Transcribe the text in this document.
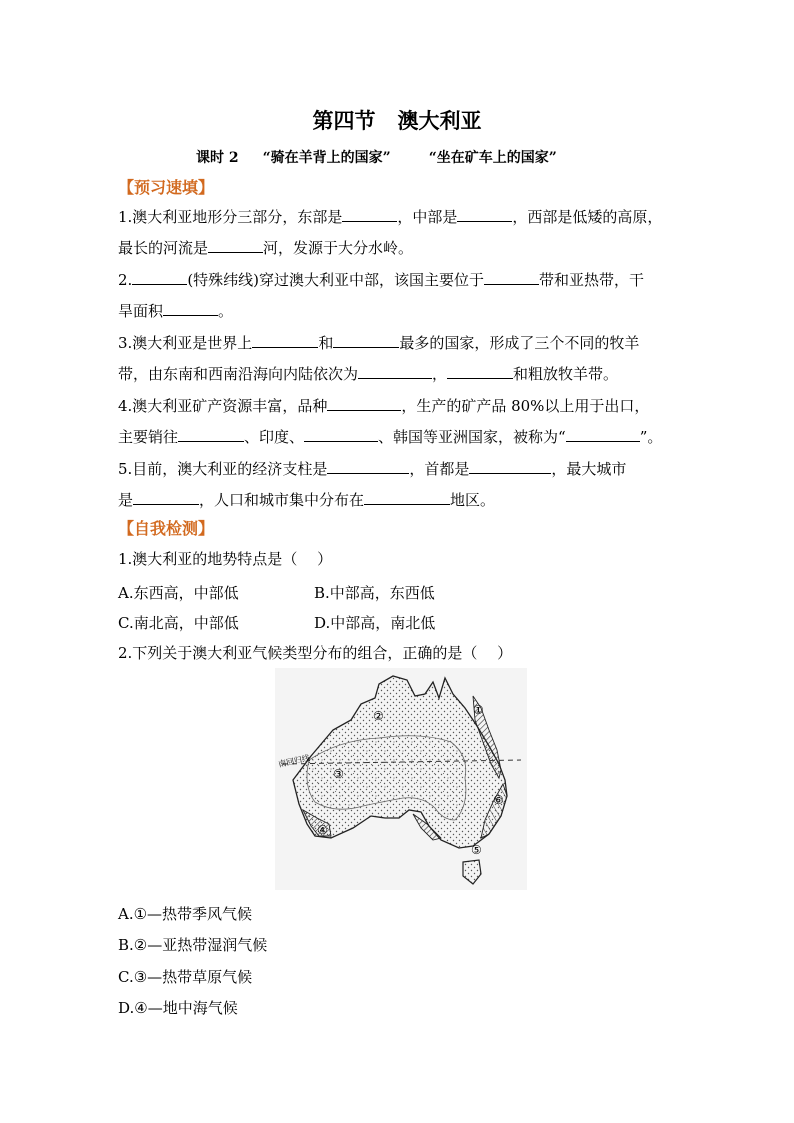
第四节 澳大利亚
课时 2 “骑在羊背上的国家”	“坐在矿车上的国家”
【预习速填】
1.澳大利亚地形分三部分，东部是	，中部是	，西部是低矮的高原，
最长的河流是	河，发源于大分水岭。
2.	(特殊纬线)穿过澳大利亚中部，该国主要位于	带和亚热带，干
旱面积	。
3.澳大利亚是世界上	和	最多的国家，形成了三个不同的牧羊
带，由东南和西南沿海向内陆依次为	，	和粗放牧羊带。
4.澳大利亚矿产资源丰富，品种	，生产的矿产品 80%以上用于出口，
主要销往	、印度、	、韩国等亚洲国家，被称为“	”。
5.目前，澳大利亚的经济支柱是	，首都是	，最大城市
是	，人口和城市集中分布在	地区。
【自我检测】
1.澳大利亚的地势特点是（　 ）
A.东西高，中部低	B.中部高，东西低
C.南北高，中部低	D.中部高，南北低
2.下列关于澳大利亚气候类型分布的组合，正确的是（　 ）
南回归线
①
②
③
④
⑤
⑥
A.①—热带季风气候
B.②—亚热带湿润气候
C.③—热带草原气候
D.④—地中海气候
